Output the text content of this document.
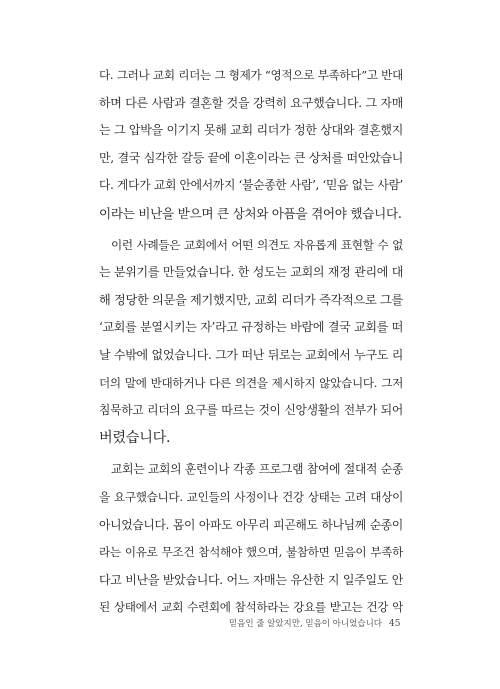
다. 그러나 교회 리더는 그 형제가 “영적으로 부족하다”고 반대
하며 다른 사람과 결혼할 것을 강력히 요구했습니다. 그 자매
는 그 압박을 이기지 못해 교회 리더가 정한 상대와 결혼했지
만, 결국 심각한 갈등 끝에 이혼이라는 큰 상처를 떠안았습니
다. 게다가 교회 안에서까지 ‘불순종한 사람’, ‘믿음 없는 사람’
이라는 비난을 받으며 큰 상처와 아픔을 겪어야 했습니다.
이런 사례들은 교회에서 어떤 의견도 자유롭게 표현할 수 없
는 분위기를 만들었습니다. 한 성도는 교회의 재정 관리에 대
해 정당한 의문을 제기했지만, 교회 리더가 즉각적으로 그를
‘교회를 분열시키는 자’라고 규정하는 바람에 결국 교회를 떠
날 수밖에 없었습니다. 그가 떠난 뒤로는 교회에서 누구도 리
더의 말에 반대하거나 다른 의견을 제시하지 않았습니다. 그저
침묵하고 리더의 요구를 따르는 것이 신앙생활의 전부가 되어
버렸습니다.
교회는 교회의 훈련이나 각종 프로그램 참여에 절대적 순종
을 요구했습니다. 교인들의 사정이나 건강 상태는 고려 대상이
아니었습니다. 몸이 아파도 아무리 피곤해도 하나님께 순종이
라는 이유로 무조건 참석해야 했으며, 불참하면 믿음이 부족하
다고 비난을 받았습니다. 어느 자매는 유산한 지 일주일도 안
된 상태에서 교회 수련회에 참석하라는 강요를 받고는 건강 악
믿음인 줄 알았지만, 믿음이 아니었습니다 45
